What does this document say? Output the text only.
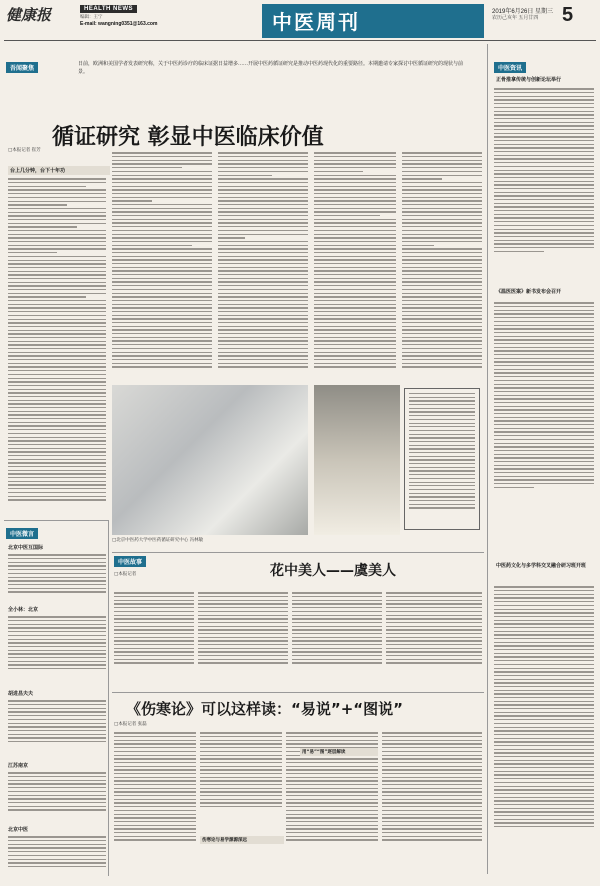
健康报	HEALTH NEWS
编辑：王宁
E-mail: wangning0351@163.com	中医周刊	2019年6月26日 星期三
农历己亥年 五月廿四 5
吾闻聚焦
日前，欧洲和美国学者发表研究称，关于中医药诊疗的临床证据日益增多……开展中医药循证研究是推动中医药现代化的重要路径。本期邀请专家探讨中医循证研究的现状与前景。
循证研究 彰显中医临床价值
□本报记者 崔芳
台上几分钟，台下十年功
□北京中医药大学中医药循证研究中心 冯林敏
中医资讯
正骨推拿传统与创新论坛举行
《温医医案》新书发布会召开
中医药文化与多学科交叉融合研习班开班
中医微言
北京中医互国际
全小林：北京
胡进昌夫夫
江苏南京
北京中医
中医故事
花中美人——虞美人
□本报记者
《伤寒论》可以这样读：“易说”+“图说”
□本报记者 张磊
伤寒论与易学源源深远
用“易”“图”逐层解读
